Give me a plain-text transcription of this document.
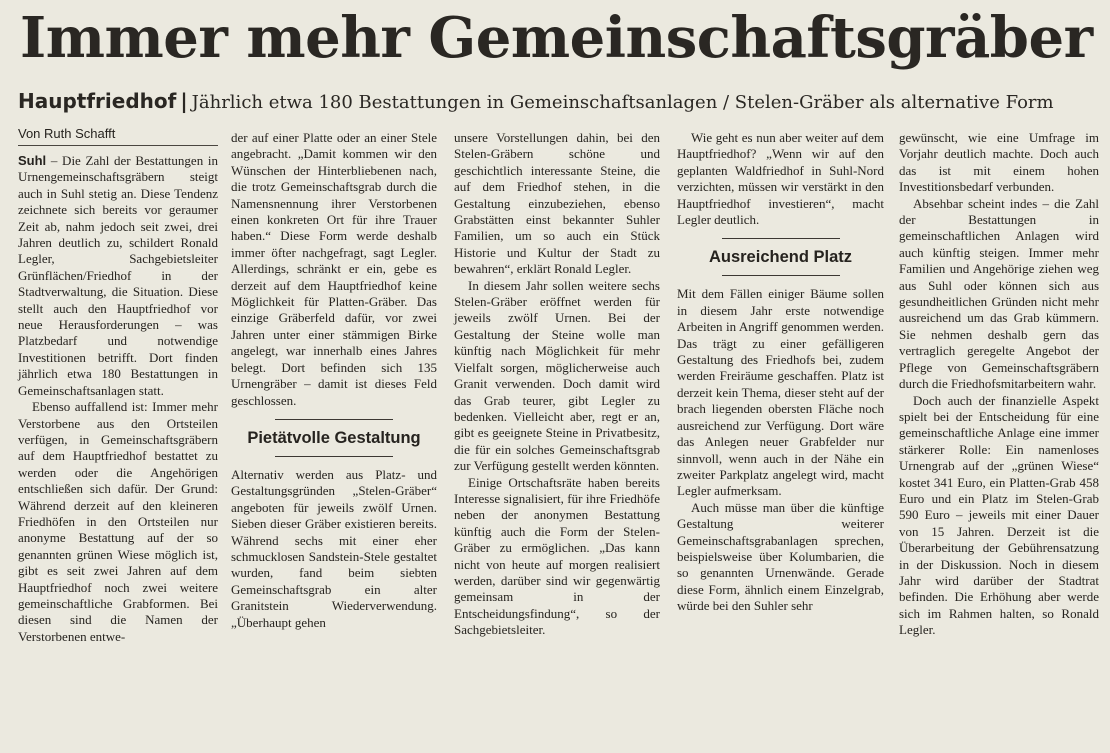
Immer mehr Gemeinschaftsgräber
Hauptfriedhof | Jährlich etwa 180 Bestattungen in Gemeinschaftsanlagen / Stelen-Gräber als alternative Form
Von Ruth Schafft

Suhl – Die Zahl der Bestattungen in Urnengemeinschaftsgräbern steigt auch in Suhl stetig an. Diese Tendenz zeichnete sich bereits vor geraumer Zeit ab, nahm jedoch seit zwei, drei Jahren deutlich zu, schildert Ronald Legler, Sachgebietsleiter Grünflächen/Friedhof in der Stadtverwaltung, die Situation. Diese stellt auch den Hauptfriedhof vor neue Herausforderungen – was Platzbedarf und notwendige Investitionen betrifft. Dort finden jährlich etwa 180 Bestattungen in Gemeinschaftsanlagen statt.

Ebenso auffallend ist: Immer mehr Verstorbene aus den Ortsteilen verfügen, in Gemeinschaftsgräbern auf dem Hauptfriedhof bestattet zu werden oder die Angehörigen entschließen sich dafür. Der Grund: Während derzeit auf den kleineren Friedhöfen in den Ortsteilen nur anonyme Bestattung auf der so genannten grünen Wiese möglich ist, gibt es seit zwei Jahren auf dem Hauptfriedhof noch zwei weitere gemeinschaftliche Grabformen. Bei diesen sind die Namen der Verstorbenen entwe-

der auf einer Platte oder an einer Stele angebracht. „Damit kommen wir den Wünschen der Hinterbliebenen nach, die trotz Gemeinschaftsgrab durch die Namensnennung ihrer Verstorbenen einen konkreten Ort für ihre Trauer haben.“ Diese Form werde deshalb immer öfter nachgefragt, sagt Legler. Allerdings, schränkt er ein, gebe es derzeit auf dem Hauptfriedhof keine Möglichkeit für Platten-Gräber. Das einzige Gräberfeld dafür, vor zwei Jahren unter einer stämmigen Birke angelegt, war innerhalb eines Jahres belegt. Dort befinden sich 135 Urnengräber – damit ist dieses Feld geschlossen.

Pietätvolle Gestaltung

Alternativ werden aus Platz- und Gestaltungsgründen „Stelen-Gräber“ angeboten für jeweils zwölf Urnen. Sieben dieser Gräber existieren bereits. Während sechs mit einer eher schmucklosen Sandstein-Stele gestaltet wurden, fand beim siebten Gemeinschaftsgrab ein alter Granitstein Wiederverwendung. „Überhaupt gehen

unsere Vorstellungen dahin, bei den Stelen-Gräbern schöne und geschichtlich interessante Steine, die auf dem Friedhof stehen, in die Gestaltung einzubeziehen, ebenso Grabstätten einst bekannter Suhler Familien, um so auch ein Stück Historie und Kultur der Stadt zu bewahren“, erklärt Ronald Legler.

In diesem Jahr sollen weitere sechs Stelen-Gräber eröffnet werden für jeweils zwölf Urnen. Bei der Gestaltung der Steine wolle man künftig nach Möglichkeit für mehr Vielfalt sorgen, möglicherweise auch Granit verwenden. Doch damit wird das Grab teurer, gibt Legler zu bedenken. Vielleicht aber, regt er an, gibt es geeignete Steine in Privatbesitz, die für ein solches Gemeinschaftsgrab zur Verfügung gestellt werden könnten.

Einige Ortschaftsräte haben bereits Interesse signalisiert, für ihre Friedhöfe neben der anonymen Bestattung künftig auch die Form der Stelen-Gräber zu ermöglichen. „Das kann nicht von heute auf morgen realisiert werden, darüber sind wir gegenwärtig gemeinsam in der Entscheidungsfindung“, so der Sachgebietsleiter.

Wie geht es nun aber weiter auf dem Hauptfriedhof? „Wenn wir auf den geplanten Waldfriedhof in Suhl-Nord verzichten, müssen wir verstärkt in den Hauptfriedhof investieren“, macht Legler deutlich.

Ausreichend Platz

Mit dem Fällen einiger Bäume sollen in diesem Jahr erste notwendige Arbeiten in Angriff genommen werden. Das trägt zu einer gefälligeren Gestaltung des Friedhofs bei, zudem werden Freiräume geschaffen. Platz ist derzeit kein Thema, dieser steht auf der brach liegenden obersten Fläche noch ausreichend zur Verfügung. Dort wäre das Anlegen neuer Grabfelder nur sinnvoll, wenn auch in der Nähe ein zweiter Parkplatz angelegt wird, macht Legler aufmerksam.

Auch müsse man über die künftige Gestaltung weiterer Gemeinschaftsgrabanlagen sprechen, beispielsweise über Kolumbarien, die so genannten Urnenwände. Gerade diese Form, ähnlich einem Einzelgrab, würde bei den Suhler sehr

gewünscht, wie eine Umfrage im Vorjahr deutlich machte. Doch auch das ist mit einem hohen Investitionsbedarf verbunden.

Absehbar scheint indes – die Zahl der Bestattungen in gemeinschaftlichen Anlagen wird auch künftig steigen. Immer mehr Familien und Angehörige ziehen weg aus Suhl oder können sich aus gesundheitlichen Gründen nicht mehr ausreichend um das Grab kümmern. Sie nehmen deshalb gern das vertraglich geregelte Angebot der Pflege von Gemeinschaftsgräbern durch die Friedhofsmitarbeitern wahr.

Doch auch der finanzielle Aspekt spielt bei der Entscheidung für eine gemeinschaftliche Anlage eine immer stärkerer Rolle: Ein namenloses Urnengrab auf der „grünen Wiese“ kostet 341 Euro, ein Platten-Grab 458 Euro und ein Platz im Stelen-Grab 590 Euro – jeweils mit einer Dauer von 15 Jahren. Derzeit ist die Überarbeitung der Gebührensatzung in der Diskussion. Noch in diesem Jahr wird darüber der Stadtrat befinden. Die Erhöhung aber werde sich im Rahmen halten, so Ronald Legler.
